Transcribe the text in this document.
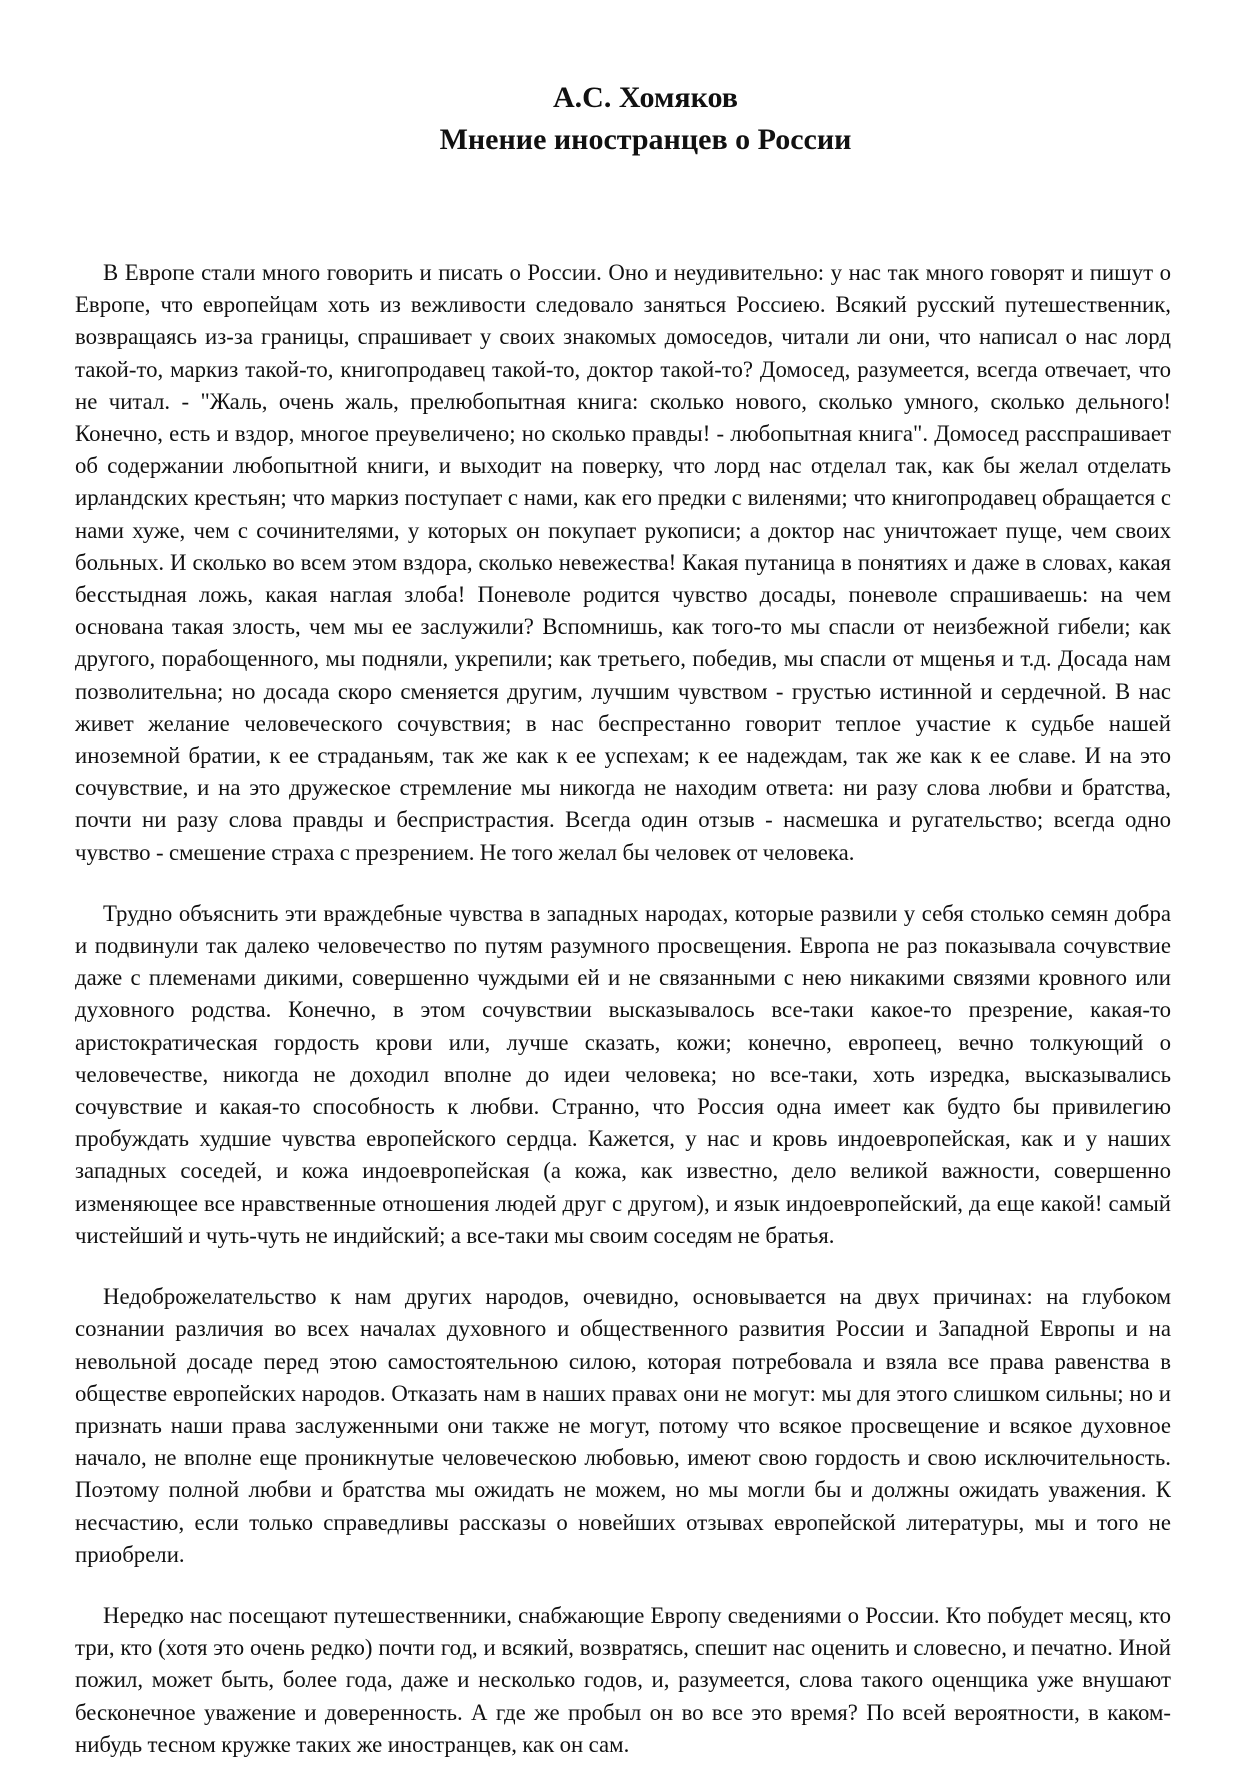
А.С. Хомяков
Мнение иностранцев о России

В Европе стали много говорить и писать о России. Оно и неудивительно: у нас так много говорят и пишут о Европе, что европейцам хоть из вежливости следовало заняться Россиею. Всякий русский путешественник, возвращаясь из-за границы, спрашивает у своих знакомых домоседов, читали ли они, что написал о нас лорд такой-то, маркиз такой-то, книгопродавец такой-то, доктор такой-то? Домосед, разумеется, всегда отвечает, что не читал. - "Жаль, очень жаль, прелюбопытная книга: сколько нового, сколько умного, сколько дельного! Конечно, есть и вздор, многое преувеличено; но сколько правды! - любопытная книга". Домосед расспрашивает об содержании любопытной книги, и выходит на поверку, что лорд нас отделал так, как бы желал отделать ирландских крестьян; что маркиз поступает с нами, как его предки с виленями; что книгопродавец обращается с нами хуже, чем с сочинителями, у которых он покупает рукописи; а доктор нас уничтожает пуще, чем своих больных. И сколько во всем этом вздора, сколько невежества! Какая путаница в понятиях и даже в словах, какая бесстыдная ложь, какая наглая злоба! Поневоле родится чувство досады, поневоле спрашиваешь: на чем основана такая злость, чем мы ее заслужили? Вспомнишь, как того-то мы спасли от неизбежной гибели; как другого, порабощенного, мы подняли, укрепили; как третьего, победив, мы спасли от мщенья и т.д. Досада нам позволительна; но досада скоро сменяется другим, лучшим чувством - грустью истинной и сердечной. В нас живет желание человеческого сочувствия; в нас беспрестанно говорит теплое участие к судьбе нашей иноземной братии, к ее страданьям, так же как к ее успехам; к ее надеждам, так же как к ее славе. И на это сочувствие, и на это дружеское стремление мы никогда не находим ответа: ни разу слова любви и братства, почти ни разу слова правды и беспристрастия. Всегда один отзыв - насмешка и ругательство; всегда одно чувство - смешение страха с презрением. Не того желал бы человек от человека.

Трудно объяснить эти враждебные чувства в западных народах, которые развили у себя столько семян добра и подвинули так далеко человечество по путям разумного просвещения. Европа не раз показывала сочувствие даже с племенами дикими, совершенно чуждыми ей и не связанными с нею никакими связями кровного или духовного родства. Конечно, в этом сочувствии высказывалось все-таки какое-то презрение, какая-то аристократическая гордость крови или, лучше сказать, кожи; конечно, европеец, вечно толкующий о человечестве, никогда не доходил вполне до идеи человека; но все-таки, хоть изредка, высказывались сочувствие и какая-то способность к любви. Странно, что Россия одна имеет как будто бы привилегию пробуждать худшие чувства европейского сердца. Кажется, у нас и кровь индоевропейская, как и у наших западных соседей, и кожа индоевропейская (а кожа, как известно, дело великой важности, совершенно изменяющее все нравственные отношения людей друг с другом), и язык индоевропейский, да еще какой! самый чистейший и чуть-чуть не индийский; а все-таки мы своим соседям не братья.

Недоброжелательство к нам других народов, очевидно, основывается на двух причинах: на глубоком сознании различия во всех началах духовного и общественного развития России и Западной Европы и на невольной досаде перед этою самостоятельною силою, которая потребовала и взяла все права равенства в обществе европейских народов. Отказать нам в наших правах они не могут: мы для этого слишком сильны; но и признать наши права заслуженными они также не могут, потому что всякое просвещение и всякое духовное начало, не вполне еще проникнутые человеческою любовью, имеют свою гордость и свою исключительность. Поэтому полной любви и братства мы ожидать не можем, но мы могли бы и должны ожидать уважения. К несчастию, если только справедливы рассказы о новейших отзывах европейской литературы, мы и того не приобрели.

Нередко нас посещают путешественники, снабжающие Европу сведениями о России. Кто побудет месяц, кто три, кто (хотя это очень редко) почти год, и всякий, возвратясь, спешит нас оценить и словесно, и печатно. Иной пожил, может быть, более года, даже и несколько годов, и, разумеется, слова такого оценщика уже внушают бесконечное уважение и доверенность. А где же пробыл он во все это время? По всей вероятности, в каком-нибудь тесном кружке таких же иностранцев, как он сам.
